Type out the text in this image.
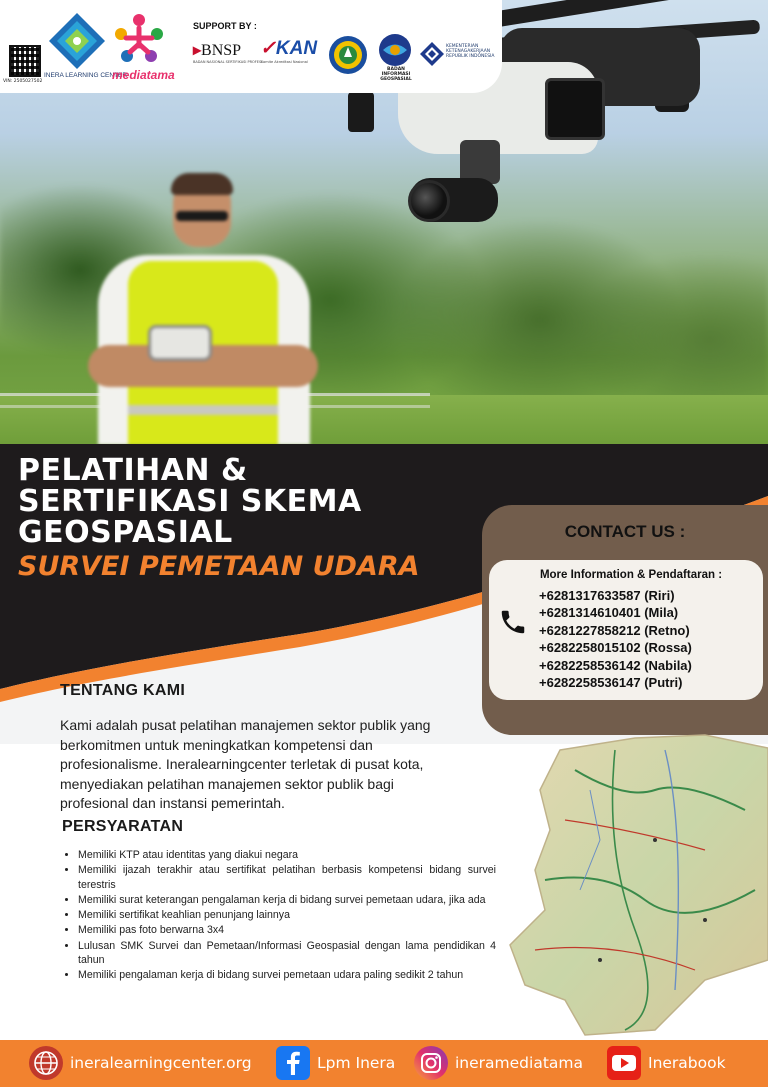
VIN: 2505027502
INERA LEARNING CENTER
mediatama
SUPPORT BY :
▸BNSP
BADAN NASIONAL SERTIFIKASI PROFESI
✓KAN
Komite Akreditasi Nasional
BADAN INFORMASI GEOSPASIAL
KEMENTERIAN KETENAGAKERJAAN REPUBLIK INDONESIA
PELATIHAN &
SERTIFIKASI SKEMA
GEOSPASIAL
SURVEI PEMETAAN UDARA
CONTACT US :
More Information & Pendaftaran :
+6281317633587 (Riri)
+6281314610401 (Mila)
+6281227858212 (Retno)
+6282258015102 (Rossa)
+6282258536142 (Nabila)
+6282258536147 (Putri)
TENTANG KAMI

Kami adalah pusat pelatihan manajemen sektor publik yang berkomitmen untuk meningkatkan kompetensi dan profesionalisme. Ineralearningcenter terletak di pusat kota, menyediakan pelatihan manajemen sektor publik bagi profesional dan instansi pemerintah.

PERSYARATAN
• Memiliki KTP atau identitas yang diakui negara
• Memiliki ijazah terakhir atau sertifikat pelatihan berbasis kompetensi bidang survei terestris
• Memiliki surat keterangan pengalaman kerja di bidang survei pemetaan udara, jika ada
• Memiliki sertifikat keahlian penunjang lainnya
• Memiliki pas foto berwarna 3x4
• Lulusan SMK Survei dan Pemetaan/Informasi Geospasial dengan lama pendidikan 4 tahun
• Memiliki pengalaman kerja di bidang survei pemetaan udara paling sedikit 2 tahun
ineralearningcenter.org	Lpm Inera	ineramediatama	Inerabook
